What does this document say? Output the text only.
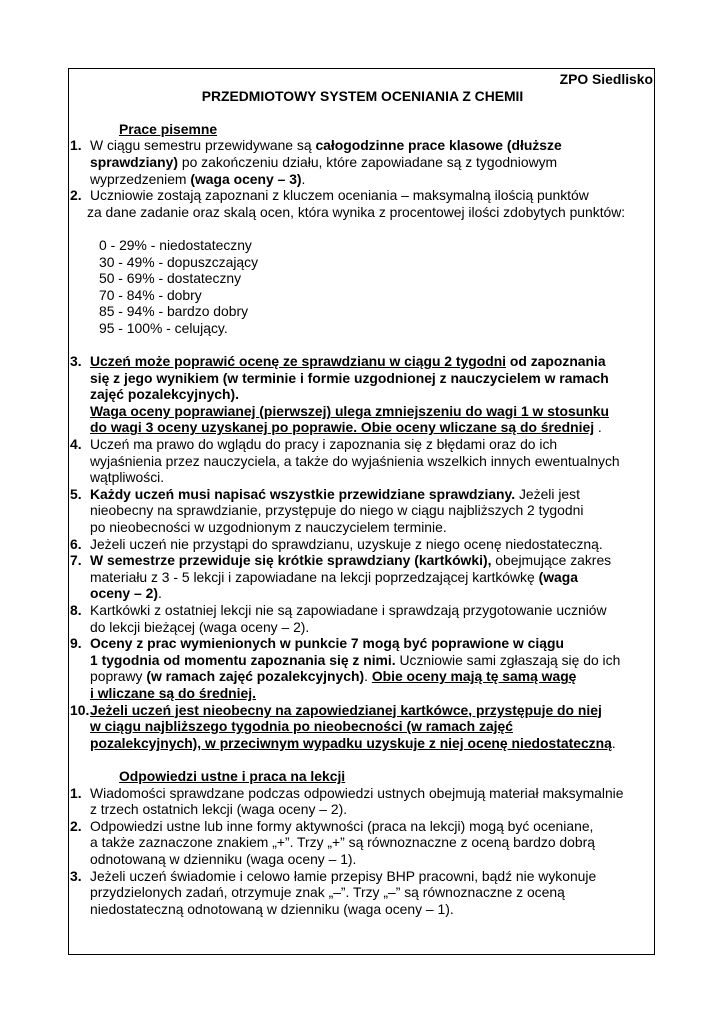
ZPO Siedlisko
PRZEDMIOTOWY SYSTEM OCENIANIA Z CHEMII
Prace pisemne
1. W ciągu semestru przewidywane są całogodzinne prace klasowe (dłuższe
sprawdziany) po zakończeniu działu, które zapowiadane są z tygodniowym
wyprzedzeniem (waga oceny – 3).
2. Uczniowie zostają zapoznani z kluczem oceniania – maksymalną ilością punktów
za dane zadanie oraz skalą ocen, która wynika z procentowej ilości zdobytych punktów:
0 - 29% - niedostateczny
30 - 49% - dopuszczający
50 - 69% - dostateczny
70 - 84% - dobry
85 - 94% - bardzo dobry
95 - 100% - celujący.
3. Uczeń może poprawić ocenę ze sprawdzianu w ciągu 2 tygodni od zapoznania
się z jego wynikiem (w terminie i formie uzgodnionej z nauczycielem w ramach
zajęć pozalekcyjnych).
Waga oceny poprawianej (pierwszej) ulega zmniejszeniu do wagi 1 w stosunku
do wagi 3 oceny uzyskanej po poprawie. Obie oceny wliczane są do średniej .
4. Uczeń ma prawo do wglądu do pracy i zapoznania się z błędami oraz do ich
wyjaśnienia przez nauczyciela, a także do wyjaśnienia wszelkich innych ewentualnych
wątpliwości.
5. Każdy uczeń musi napisać wszystkie przewidziane sprawdziany. Jeżeli jest
nieobecny na sprawdzianie, przystępuje do niego w ciągu najbliższych 2 tygodni
po nieobecności w uzgodnionym z nauczycielem terminie.
6. Jeżeli uczeń nie przystąpi do sprawdzianu, uzyskuje z niego ocenę niedostateczną.
7. W semestrze przewiduje się krótkie sprawdziany (kartkówki), obejmujące zakres
materiału z 3 - 5 lekcji i zapowiadane na lekcji poprzedzającej kartkówkę (waga
oceny – 2).
8. Kartkówki z ostatniej lekcji nie są zapowiadane i sprawdzają przygotowanie uczniów
do lekcji bieżącej (waga oceny – 2).
9. Oceny z prac wymienionych w punkcie 7 mogą być poprawione w ciągu
1 tygodnia od momentu zapoznania się z nimi. Uczniowie sami zgłaszają się do ich
poprawy (w ramach zajęć pozalekcyjnych). Obie oceny mają tę samą wagę
i wliczane są do średniej.
10.Jeżeli uczeń jest nieobecny na zapowiedzianej kartkówce, przystępuje do niej
w ciągu najbliższego tygodnia po nieobecności (w ramach zajęć
pozalekcyjnych), w przeciwnym wypadku uzyskuje z niej ocenę niedostateczną.
Odpowiedzi ustne i praca na lekcji
1. Wiadomości sprawdzane podczas odpowiedzi ustnych obejmują materiał maksymalnie
z trzech ostatnich lekcji (waga oceny – 2).
2. Odpowiedzi ustne lub inne formy aktywności (praca na lekcji) mogą być oceniane,
a także zaznaczone znakiem „+”. Trzy „+” są równoznaczne z oceną bardzo dobrą
odnotowaną w dzienniku (waga oceny – 1).
3. Jeżeli uczeń świadomie i celowo łamie przepisy BHP pracowni, bądź nie wykonuje
przydzielonych zadań, otrzymuje znak „–”. Trzy „–” są równoznaczne z oceną
niedostateczną odnotowaną w dzienniku (waga oceny – 1).
